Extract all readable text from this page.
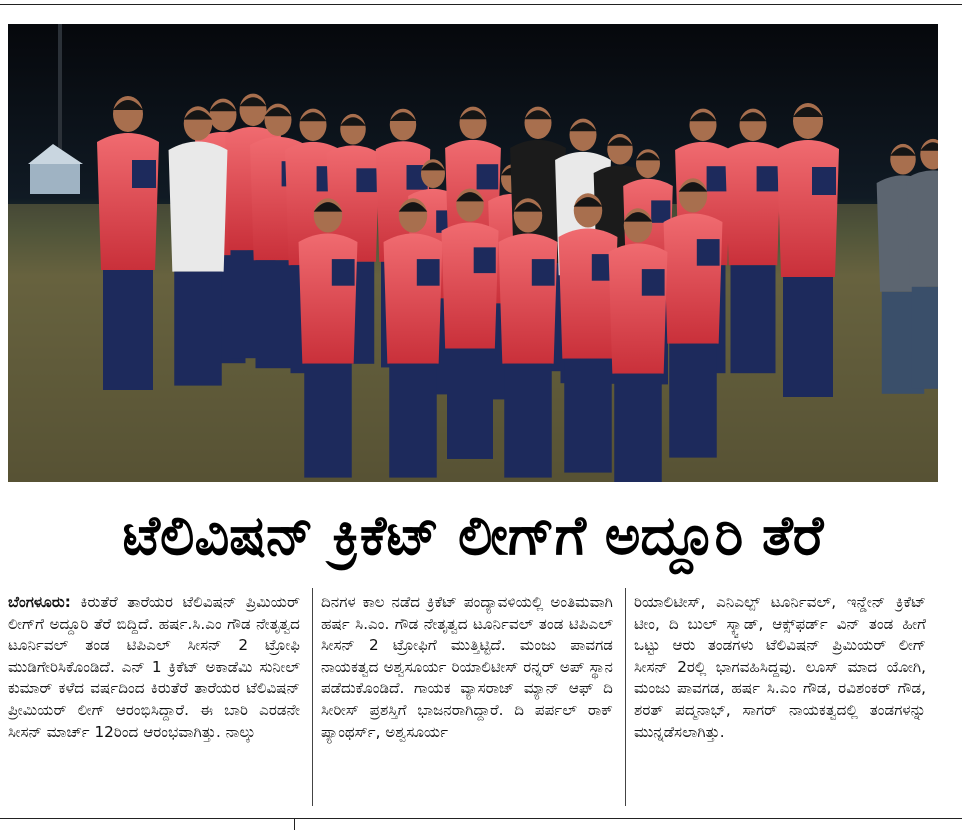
ಟೆಲಿವಿಷನ್ ಕ್ರಿಕೆಟ್ ಲೀಗ್‌ಗೆ ಅದ್ದೂರಿ ತೆರೆ
ಬೆಂಗಳೂರು: ಕಿರುತೆರೆ ತಾರೆಯರ ಟೆಲಿವಿಷನ್ ಪ್ರಿಮಿಯರ್ ಲೀಗ್‌ಗೆ ಅದ್ದೂರಿ ತೆರೆ ಬಿದ್ದಿದೆ. ಹರ್ಷ.ಸಿ.ಎಂ ಗೌಡ ನೇತೃತ್ವದ ಟೂರ್ನಿವಲ್ ತಂಡ ಟಿಪಿಎಲ್ ಸೀಸನ್ 2 ಟ್ರೋಫಿ ಮುಡಿಗೇರಿಸಿಕೊಂಡಿದೆ. ಎನ್ 1 ಕ್ರಿಕೆಟ್ ಅಕಾಡೆಮಿ ಸುನೀಲ್ ಕುಮಾರ್ ಕಳೆದ ವರ್ಷದಿಂದ ಕಿರುತೆರೆ ತಾರೆಯರ ಟೆಲಿವಿಷನ್ ಪ್ರೀಮಿಯರ್ ಲೀಗ್ ಆರಂಭಿಸಿದ್ದಾರೆ. ಈ ಬಾರಿ ಎರಡನೇ ಸೀಸನ್ ಮಾರ್ಚ್ 12ರಿಂದ ಆರಂಭವಾಗಿತ್ತು. ನಾಲ್ಕು
ದಿನಗಳ ಕಾಲ ನಡೆದ ಕ್ರಿಕೆಟ್ ಪಂದ್ಯಾವಳಿಯಲ್ಲಿ ಅಂತಿಮವಾಗಿ ಹರ್ಷ ಸಿ.ಎಂ. ಗೌಡ ನೇತೃತ್ವದ ಟೂರ್ನಿವಲ್ ತಂಡ ಟಿಪಿಎಲ್ ಸೀಸನ್ 2 ಟ್ರೋಫಿಗೆ ಮುತ್ತಿಟ್ಟಿದೆ. ಮಂಜು ಪಾವಗಡ ನಾಯಕತ್ವದ ಅಶ್ವಸೂರ್ಯ ರಿಯಾಲಿಟೀಸ್ ರನ್ನರ್ ಅಪ್ ಸ್ಥಾನ ಪಡೆದುಕೊಂಡಿದೆ. ಗಾಯಕ ವ್ಯಾಸರಾಜ್ ಮ್ಯಾನ್ ಆಫ್ ದಿ ಸೀರೀಸ್ ಪ್ರಶಸ್ತಿಗೆ ಭಾಜನರಾಗಿದ್ದಾರೆ. ದಿ ಪರ್ಪಲ್ ರಾಕ್ ಪ್ಯಾಂಥರ್ಸ್, ಅಶ್ವಸೂರ್ಯ
ರಿಯಾಲಿಟೀಸ್, ಎನಿಎಲ್ಪ್ ಟೂರ್ನಿವಲ್, ಇನ್ಡೇನ್ ಕ್ರಿಕೆಟ್ ಟೀಂ, ದಿ ಬುಲ್ ಸ್ಕ್ವಾಡ್, ಆಕ್ಸ್‌ಫರ್ಡ್ ವಿನ್ ತಂಡ ಹೀಗೆ ಒಟ್ಟು ಆರು ತಂಡಗಳು ಟೆಲಿವಿಷನ್ ಪ್ರಿಮಿಯರ್ ಲೀಗ್ ಸೀಸನ್ 2ರಲ್ಲಿ ಭಾಗವಹಿಸಿದ್ದವು. ಲೂಸ್ ಮಾದ ಯೋಗಿ, ಮಂಜು ಪಾವಗಡ, ಹರ್ಷ ಸಿ.ಎಂ ಗೌಡ, ರವಿಶಂಕರ್ ಗೌಡ, ಶರತ್ ಪದ್ಮನಾಭ್, ಸಾಗರ್ ನಾಯಕತ್ವದಲ್ಲಿ ತಂಡಗಳನ್ನು ಮುನ್ನಡೆಸಲಾಗಿತ್ತು.
